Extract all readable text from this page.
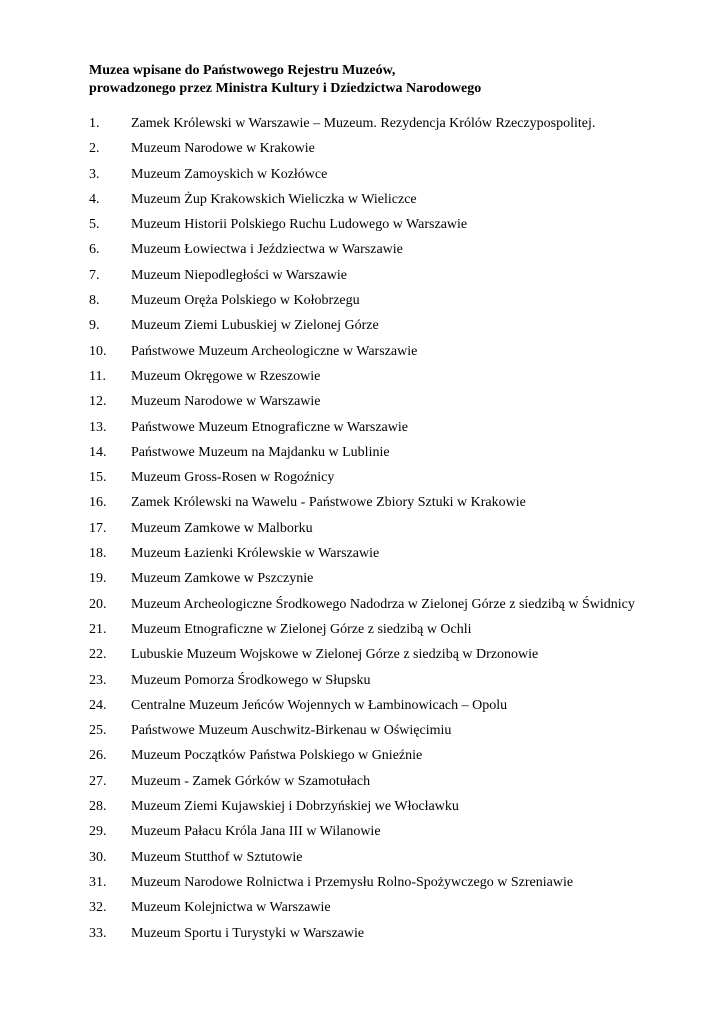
Muzea wpisane do Państwowego Rejestru Muzeów,
prowadzonego przez Ministra Kultury i Dziedzictwa Narodowego
1.	Zamek Królewski w Warszawie – Muzeum. Rezydencja Królów Rzeczypospolitej.
2.	Muzeum Narodowe w Krakowie
3.	Muzeum Zamoyskich w Kozłówce
4.	Muzeum Żup Krakowskich Wieliczka w Wieliczce
5.	Muzeum Historii Polskiego Ruchu Ludowego w Warszawie
6.	Muzeum Łowiectwa i Jeździectwa w Warszawie
7.	Muzeum Niepodległości w Warszawie
8.	Muzeum Oręża Polskiego w Kołobrzegu
9.	Muzeum Ziemi Lubuskiej w Zielonej Górze
10.	Państwowe Muzeum Archeologiczne w Warszawie
11.	Muzeum Okręgowe w Rzeszowie
12.	Muzeum Narodowe w Warszawie
13.	Państwowe Muzeum Etnograficzne w Warszawie
14.	Państwowe Muzeum na Majdanku w Lublinie
15.	Muzeum Gross-Rosen w Rogoźnicy
16.	Zamek Królewski na Wawelu - Państwowe Zbiory Sztuki w Krakowie
17.	Muzeum Zamkowe w Malborku
18.	Muzeum Łazienki Królewskie w Warszawie
19.	Muzeum Zamkowe w Pszczynie
20.	Muzeum Archeologiczne Środkowego Nadodrza w Zielonej Górze z siedzibą w Świdnicy
21.	Muzeum Etnograficzne w Zielonej Górze z siedzibą w Ochli
22.	Lubuskie Muzeum Wojskowe w Zielonej Górze z siedzibą w Drzonowie
23.	Muzeum Pomorza Środkowego w Słupsku
24.	Centralne Muzeum Jeńców Wojennych w Łambinowicach – Opolu
25.	Państwowe Muzeum Auschwitz-Birkenau w Oświęcimiu
26.	Muzeum Początków Państwa Polskiego w Gnieźnie
27.	Muzeum - Zamek Górków w Szamotułach
28.	Muzeum Ziemi Kujawskiej i Dobrzyńskiej we Włocławku
29.	Muzeum Pałacu Króla Jana III w Wilanowie
30.	Muzeum Stutthof w Sztutowie
31.	Muzeum Narodowe Rolnictwa i Przemysłu Rolno-Spożywczego w Szreniawie
32.	Muzeum Kolejnictwa w Warszawie
33.	Muzeum Sportu i Turystyki w Warszawie
